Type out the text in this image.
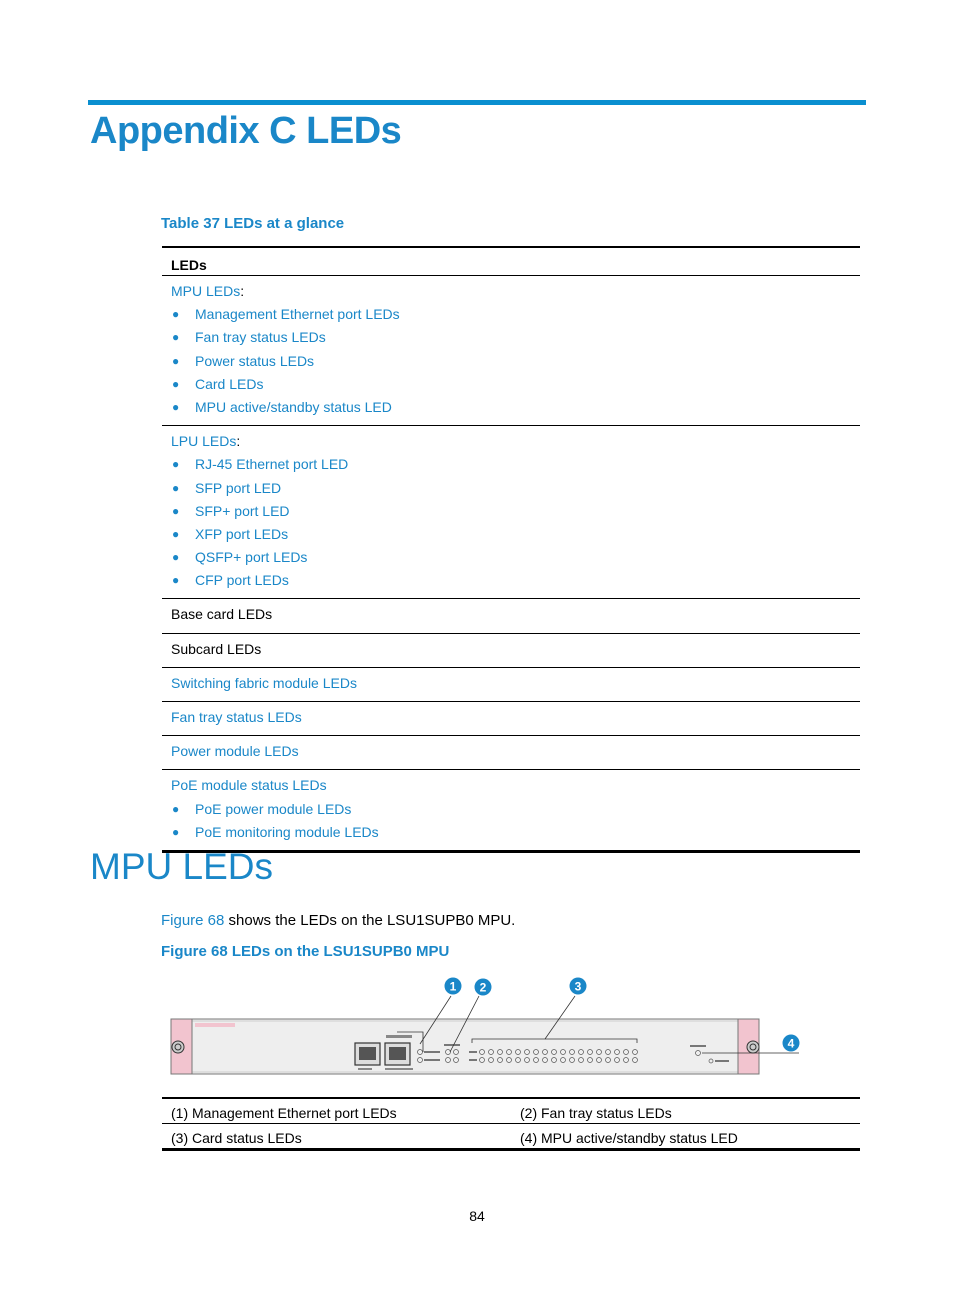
Appendix C LEDs
Table 37 LEDs at a glance
LEDs
MPU LEDs:
●	Management Ethernet port LEDs
●	Fan tray status LEDs
●	Power status LEDs
●	Card LEDs
●	MPU active/standby status LED
LPU LEDs:
●	RJ-45 Ethernet port LED
●	SFP port LED
●	SFP+ port LED
●	XFP port LEDs
●	QSFP+ port LEDs
●	CFP port LEDs
Base card LEDs
Subcard LEDs
Switching fabric module LEDs
Fan tray status LEDs
Power module LEDs
PoE module status LEDs
●	PoE power module LEDs
●	PoE monitoring module LEDs
MPU LEDs
Figure 68 shows the LEDs on the LSU1SUPB0 MPU.
Figure 68 LEDs on the LSU1SUPB0 MPU
1 2	3
4
(1) Management Ethernet port LEDs	(2) Fan tray status LEDs
(3) Card status LEDs	(4) MPU active/standby status LED
84
